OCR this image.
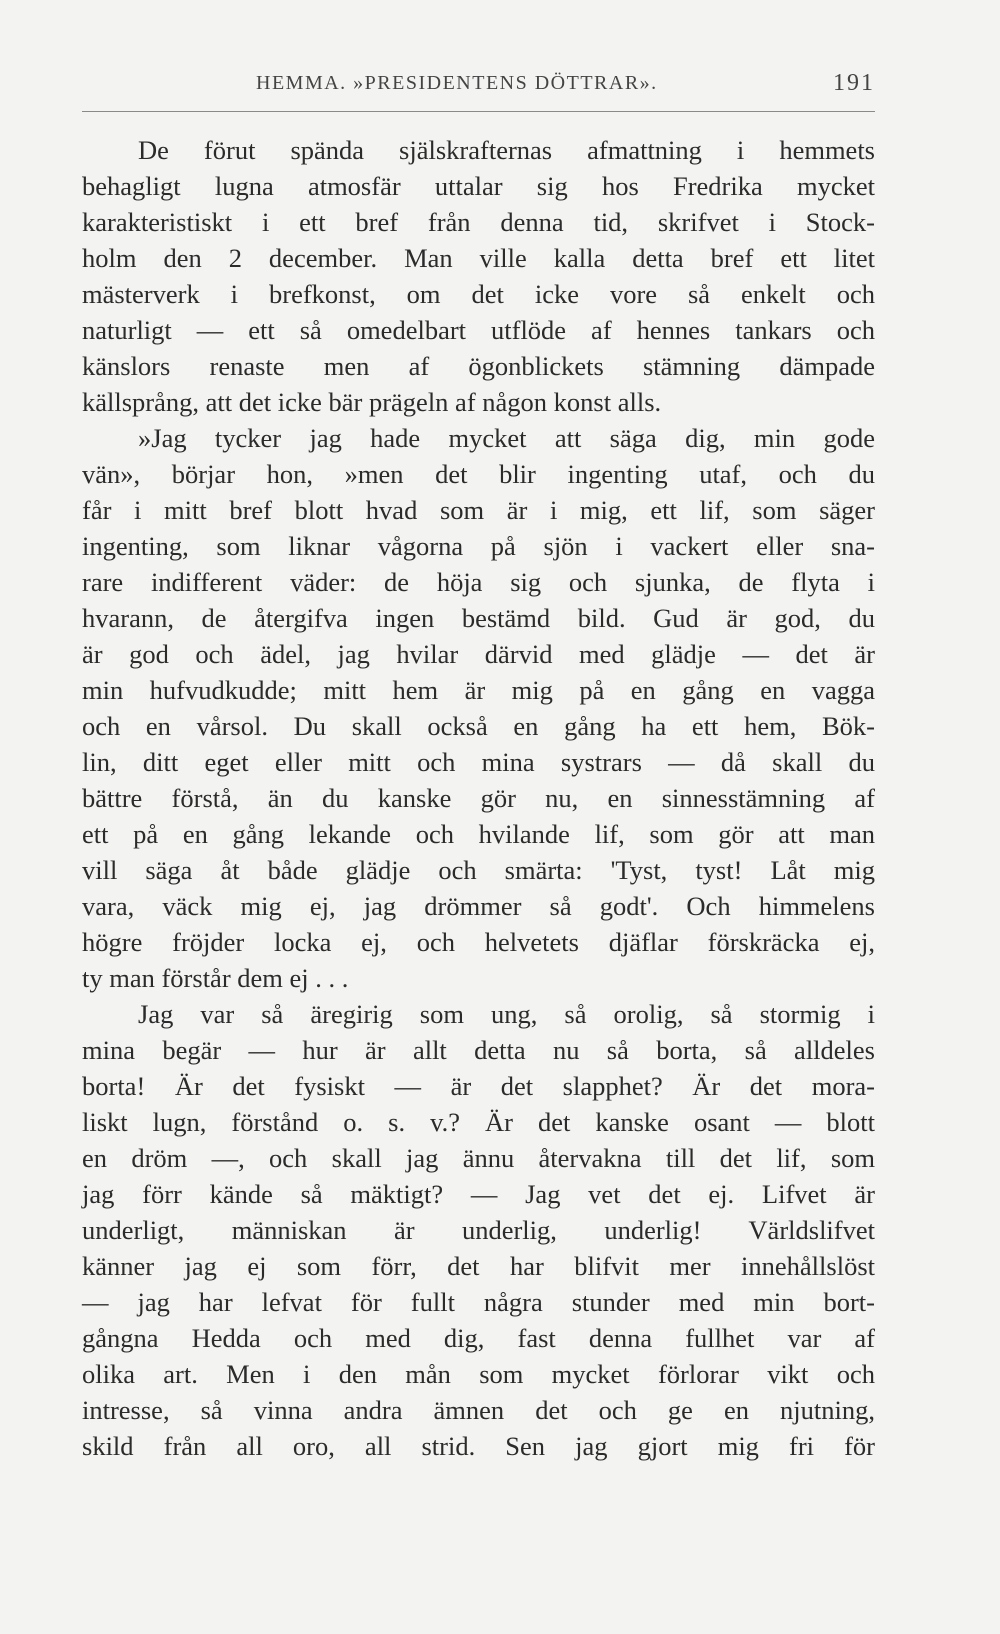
HEMMA. »PRESIDENTENS DÖTTRAR».	191
De förut spända själskrafternas afmattning i hemmets
behagligt lugna atmosfär uttalar sig hos Fredrika mycket
karakteristiskt i ett bref från denna tid, skrifvet i Stock-
holm den 2 december. Man ville kalla detta bref ett litet
mästerverk i brefkonst, om det icke vore så enkelt och
naturligt — ett så omedelbart utflöde af hennes tankars och
känslors renaste men af ögonblickets stämning dämpade
källsprång, att det icke bär prägeln af någon konst alls.
»Jag tycker jag hade mycket att säga dig, min gode
vän», börjar hon, »men det blir ingenting utaf, och du
får i mitt bref blott hvad som är i mig, ett lif, som säger
ingenting, som liknar vågorna på sjön i vackert eller sna-
rare indifferent väder: de höja sig och sjunka, de flyta i
hvarann, de återgifva ingen bestämd bild. Gud är god, du
är god och ädel, jag hvilar därvid med glädje — det är
min hufvudkudde; mitt hem är mig på en gång en vagga
och en vårsol. Du skall också en gång ha ett hem, Bök-
lin, ditt eget eller mitt och mina systrars — då skall du
bättre förstå, än du kanske gör nu, en sinnesstämning af
ett på en gång lekande och hvilande lif, som gör att man
vill säga åt både glädje och smärta: 'Tyst, tyst! Låt mig
vara, väck mig ej, jag drömmer så godt'. Och himmelens
högre fröjder locka ej, och helvetets djäflar förskräcka ej,
ty man förstår dem ej . . .
Jag var så äregirig som ung, så orolig, så stormig i
mina begär — hur är allt detta nu så borta, så alldeles
borta! Är det fysiskt — är det slapphet? Är det mora-
liskt lugn, förstånd o. s. v.? Är det kanske osant — blott
en dröm —, och skall jag ännu återvakna till det lif, som
jag förr kände så mäktigt? — Jag vet det ej. Lifvet är
underligt, människan är underlig, underlig! Världslifvet
känner jag ej som förr, det har blifvit mer innehållslöst
— jag har lefvat för fullt några stunder med min bort-
gångna Hedda och med dig, fast denna fullhet var af
olika art. Men i den mån som mycket förlorar vikt och
intresse, så vinna andra ämnen det och ge en njutning,
skild från all oro, all strid. Sen jag gjort mig fri för
